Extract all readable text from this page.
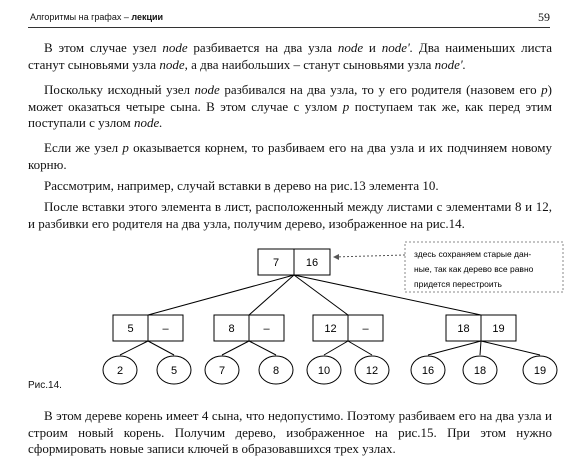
Алгоритмы на графах – лекции	59

В этом случае узел node разбивается на два узла node и node'. Два наименьших листа станут сыновьями узла node, а два наибольших – станут сыновьями узла node'.

Поскольку исходный узел node разбивался на два узла, то у его родителя (назовем его p) может оказаться четыре сына. В этом случае с узлом p поступаем так же, как перед этим поступали с узлом node.

Если же узел p оказывается корнем, то разбиваем его на два узла и их подчиняем новому корню.

Рассмотрим, например, случай вставки в дерево на рис.13 элемента 10.

После вставки этого элемента в лист, расположенный между листами с элементами 8 и 12, и разбивки его родителя на два узла, получим дерево, изображенное на рис.14.

7 16
здесь сохраняем старые дан-
ные, так как дерево все равно
придется перестроить
5	–
2	5
8	–
7	8
12 –
10	12
18 19
16	18	19
Рис.14.

В этом дереве корень имеет 4 сына, что недопустимо. Поэтому разбиваем его на два узла и строим новый корень. Получим дерево, изображенное на рис.15. При этом нужно сформировать новые записи ключей в образовавшихся трех узлах.
